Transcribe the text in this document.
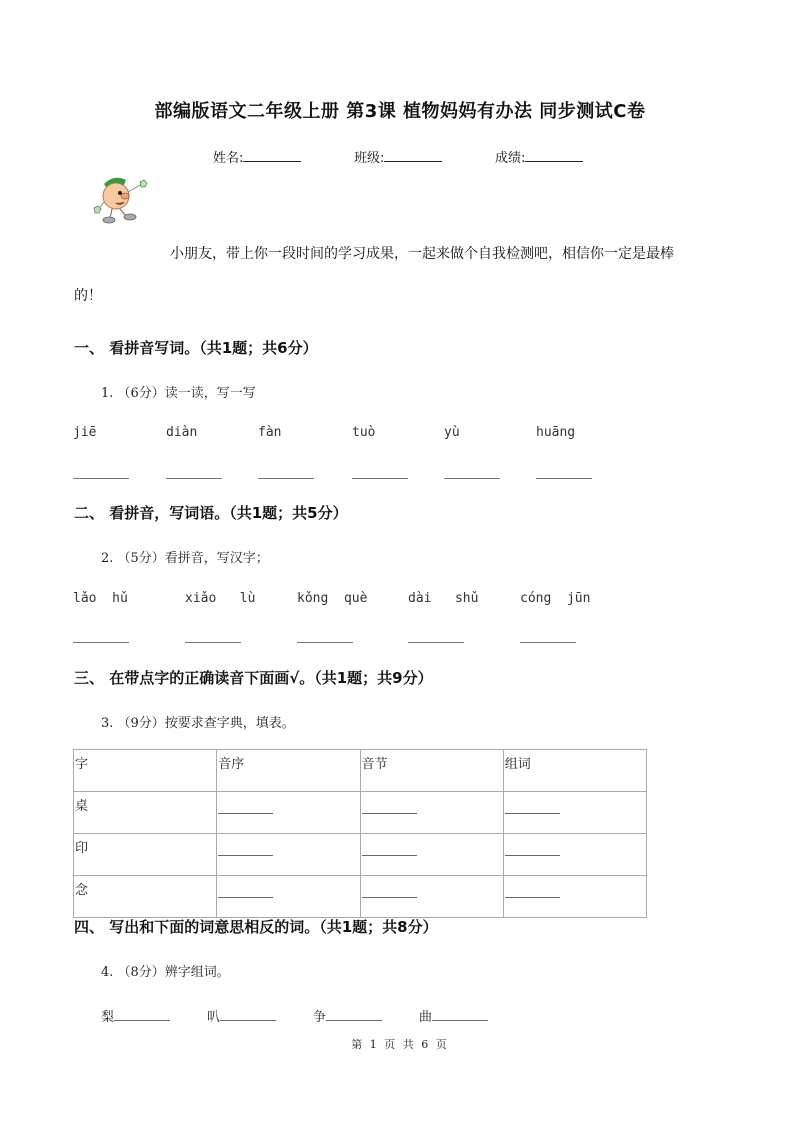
部编版语文二年级上册 第3课 植物妈妈有办法 同步测试C卷
姓名:	班级:	成绩:
小朋友，带上你一段时间的学习成果，一起来做个自我检测吧，相信你一定是最棒
的！
一、 看拼音写词。（共1题；共6分）
1. （6分）读一读，写一写
jiē	diàn	fàn	tuò	yù	huāng
二、 看拼音，写词语。（共1题；共5分）
2. （5分）看拼音，写汉字；
lǎo  hǔ	xiǎo   lù	kǒng  què	dài   shǔ	cóng  jūn
三、 在带点字的正确读音下面画√。（共1题；共9分）
3. （9分）按要求查字典，填表。
字	音序	音节	组词
桌	

印	

念	

四、 写出和下面的词意思相反的词。（共1题；共8分）
4. （8分）辨字组词。
梨	叭	争	曲
第 1 页 共 6 页
